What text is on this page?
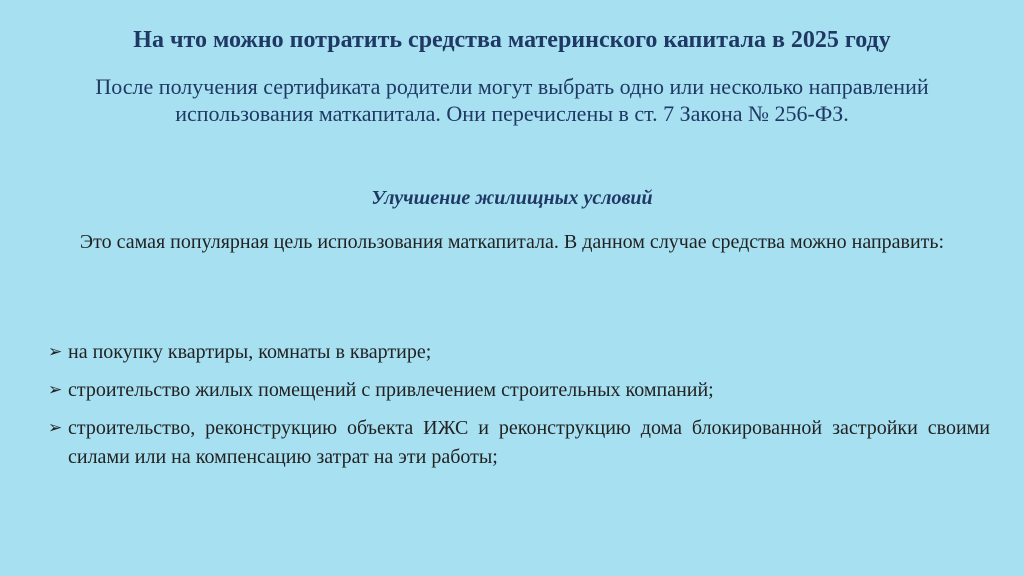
На что можно потратить средства материнского капитала в 2025 году
После получения сертификата родители могут выбрать одно или несколько направлений использования маткапитала. Они перечислены в ст. 7 Закона № 256-ФЗ.
Улучшение жилищных условий
Это самая популярная цель использования маткапитала. В данном случае средства можно направить:
➢ на покупку квартиры, комнаты в квартире;
➢ строительство жилых помещений с привлечением строительных компаний;
➢ строительство, реконструкцию объекта ИЖС и реконструкцию дома блокированной застройки своими силами или на компенсацию затрат на эти работы;
